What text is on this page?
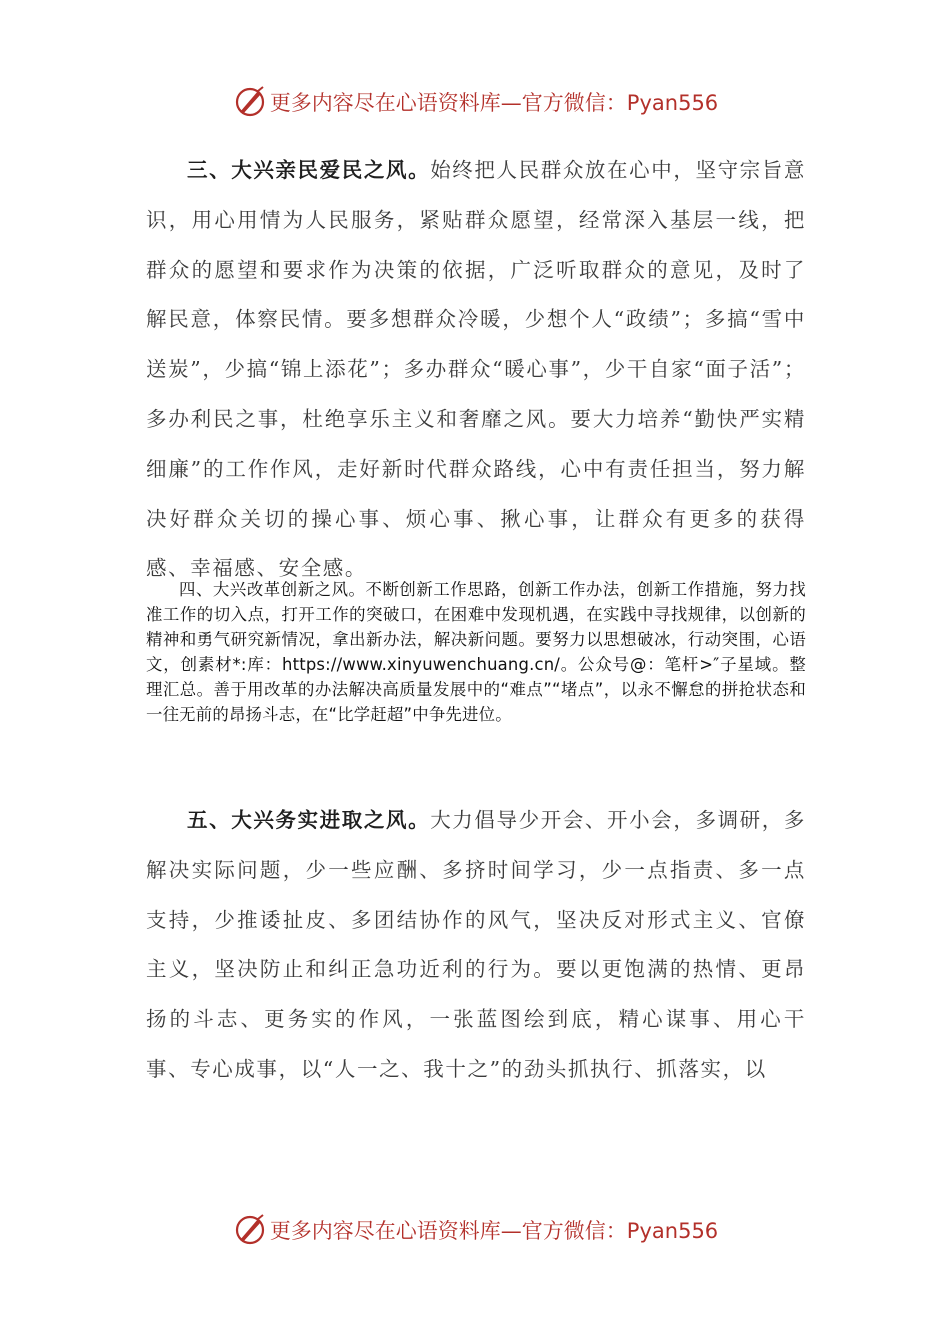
更多内容尽在心语资料库—官方微信：Pyan556

三、大兴亲民爱民之风。始终把人民群众放在心中，坚守宗旨意识，用心用情为人民服务，紧贴群众愿望，经常深入基层一线，把群众的愿望和要求作为决策的依据，广泛听取群众的意见，及时了解民意，体察民情。要多想群众冷暖，少想个人“政绩”；多搞“雪中送炭”，少搞“锦上添花”；多办群众“暖心事”，少干自家“面子活”；多办利民之事，杜绝享乐主义和奢靡之风。要大力培养“勤快严实精细廉”的工作作风，走好新时代群众路线，心中有责任担当，努力解决好群众关切的操心事、烦心事、揪心事，让群众有更多的获得感、幸福感、安全感。

四、大兴改革创新之风。不断创新工作思路，创新工作办法，创新工作措施，努力找准工作的切入点，打开工作的突破口，在困难中发现机遇，在实践中寻找规律，以创新的精神和勇气研究新情况，拿出新办法，解决新问题。要努力以思想破冰，行动突围，心语文，创素材*:库：https://www.xinyuwenchuang.cn/。公众号@：笔杆>″子星域。整理汇总。善于用改革的办法解决高质量发展中的“难点”“堵点”，以永不懈怠的拼抢状态和一往无前的昂扬斗志，在“比学赶超”中争先进位。

五、大兴务实进取之风。大力倡导少开会、开小会，多调研，多解决实际问题，少一些应酬、多挤时间学习，少一点指责、多一点支持，少推诿扯皮、多团结协作的风气，坚决反对形式主义、官僚主义，坚决防止和纠正急功近利的行为。要以更饱满的热情、更昂扬的斗志、更务实的作风，一张蓝图绘到底，精心谋事、用心干事、专心成事，以“人一之、我十之”的劲头抓执行、抓落实，以

更多内容尽在心语资料库—官方微信：Pyan556
